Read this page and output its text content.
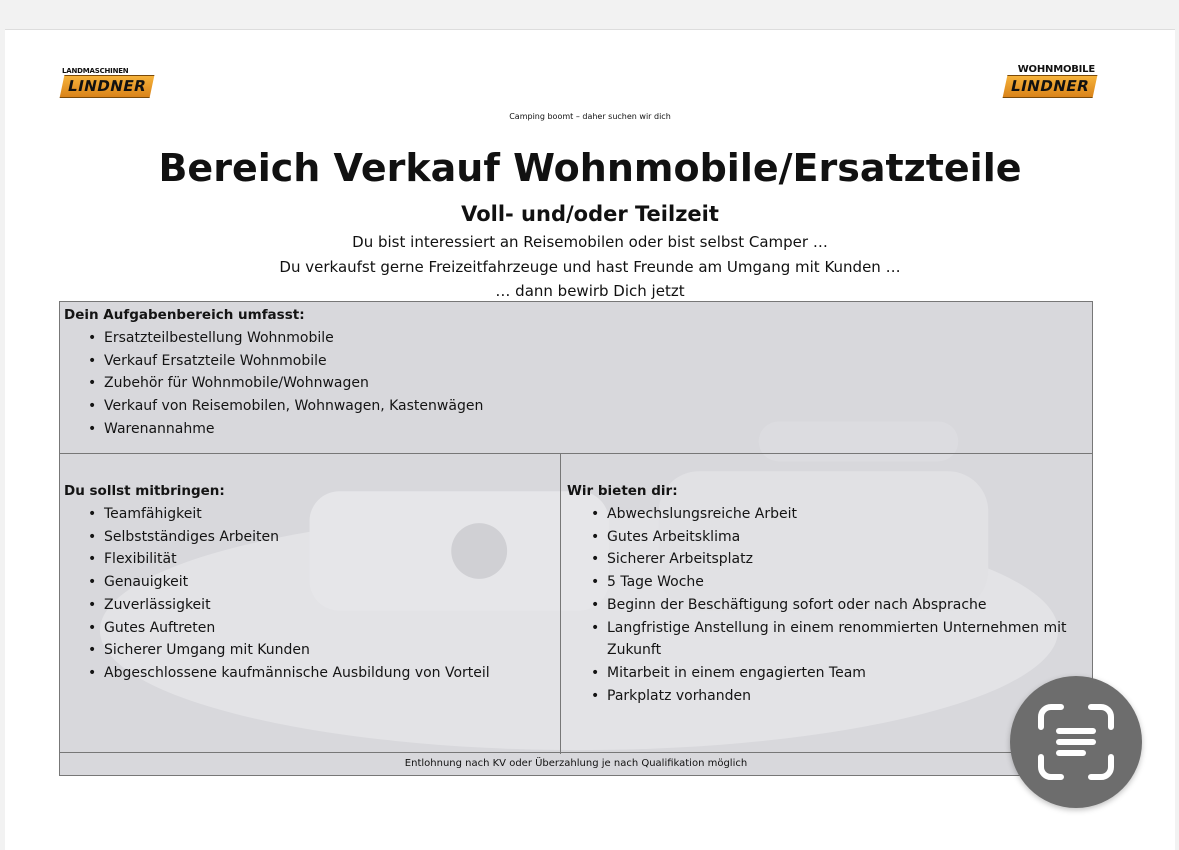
LANDMASCHINEN
LINDNER
WOHNMOBILE
LINDNER
Camping boomt – daher suchen wir dich
Bereich Verkauf Wohnmobile/Ersatzteile
Voll- und/oder Teilzeit
Du bist interessiert an Reisemobilen oder bist selbst Camper …
Du verkaufst gerne Freizeitfahrzeuge und hast Freunde am Umgang mit Kunden …
… dann bewirb Dich jetzt
Dein Aufgabenbereich umfasst:
• Ersatzteilbestellung Wohnmobile
• Verkauf Ersatzteile Wohnmobile
• Zubehör für Wohnmobile/Wohnwagen
• Verkauf von Reisemobilen, Wohnwagen, Kastenwägen
• Warenannahme
Du sollst mitbringen:
• Teamfähigkeit
• Selbstständiges Arbeiten
• Flexibilität
• Genauigkeit
• Zuverlässigkeit
• Gutes Auftreten
• Sicherer Umgang mit Kunden
• Abgeschlossene kaufmännische Ausbildung von Vorteil
Wir bieten dir:
• Abwechslungsreiche Arbeit
• Gutes Arbeitsklima
• Sicherer Arbeitsplatz
• 5 Tage Woche
• Beginn der Beschäftigung sofort oder nach Absprache
• Langfristige Anstellung in einem renommierten Unternehmen mit Zukunft
• Mitarbeit in einem engagierten Team
• Parkplatz vorhanden
Entlohnung nach KV oder Überzahlung je nach Qualifikation möglich
